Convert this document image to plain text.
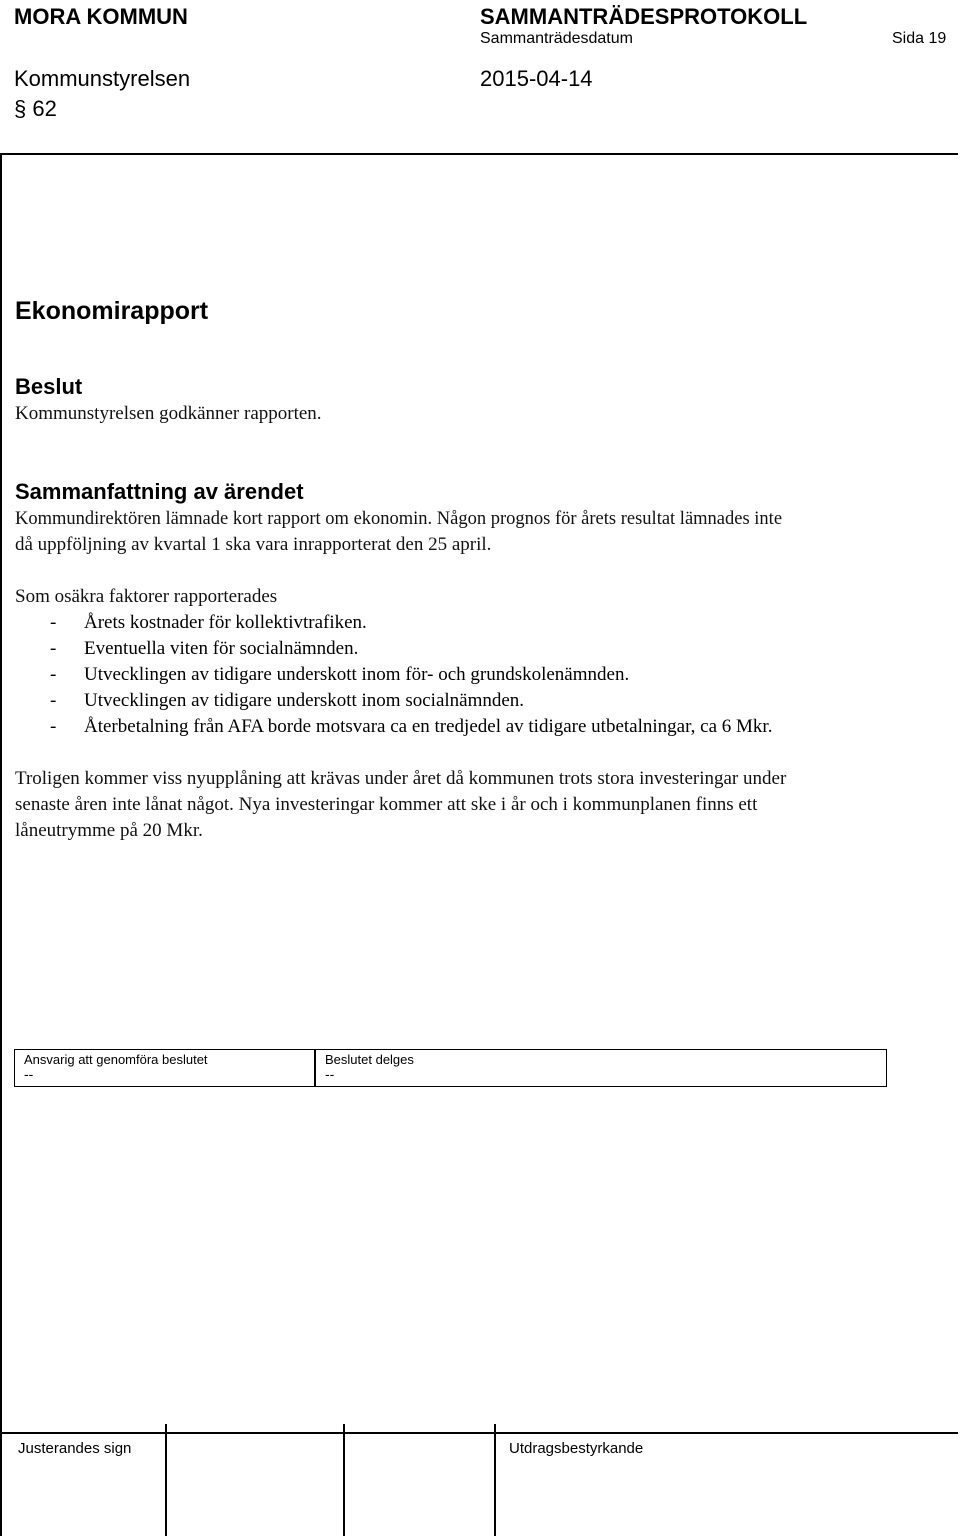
MORA KOMMUN	SAMMANTRÄDESPROTOKOLL
Sammanträdesdatum	Sida 19
Kommunstyrelsen	2015-04-14
§ 62
Ekonomirapport
Beslut
Kommunstyrelsen godkänner rapporten.
Sammanfattning av ärendet
Kommundirektören lämnade kort rapport om ekonomin. Någon prognos för årets resultat lämnades inte
då uppföljning av kvartal 1 ska vara inrapporterat den 25 april.
Som osäkra faktorer rapporterades
- Årets kostnader för kollektivtrafiken.
- Eventuella viten för socialnämnden.
- Utvecklingen av tidigare underskott inom för- och grundskolenämnden.
- Utvecklingen av tidigare underskott inom socialnämnden.
- Återbetalning från AFA borde motsvara ca en tredjedel av tidigare utbetalningar, ca 6 Mkr.
Troligen kommer viss nyupplåning att krävas under året då kommunen trots stora investeringar under
senaste åren inte lånat något. Nya investeringar kommer att ske i år och i kommunplanen finns ett
låneutrymme på 20 Mkr.
Ansvarig att genomföra beslutet
--
Beslutet delges
--
Justerandes sign	Utdragsbestyrkande
